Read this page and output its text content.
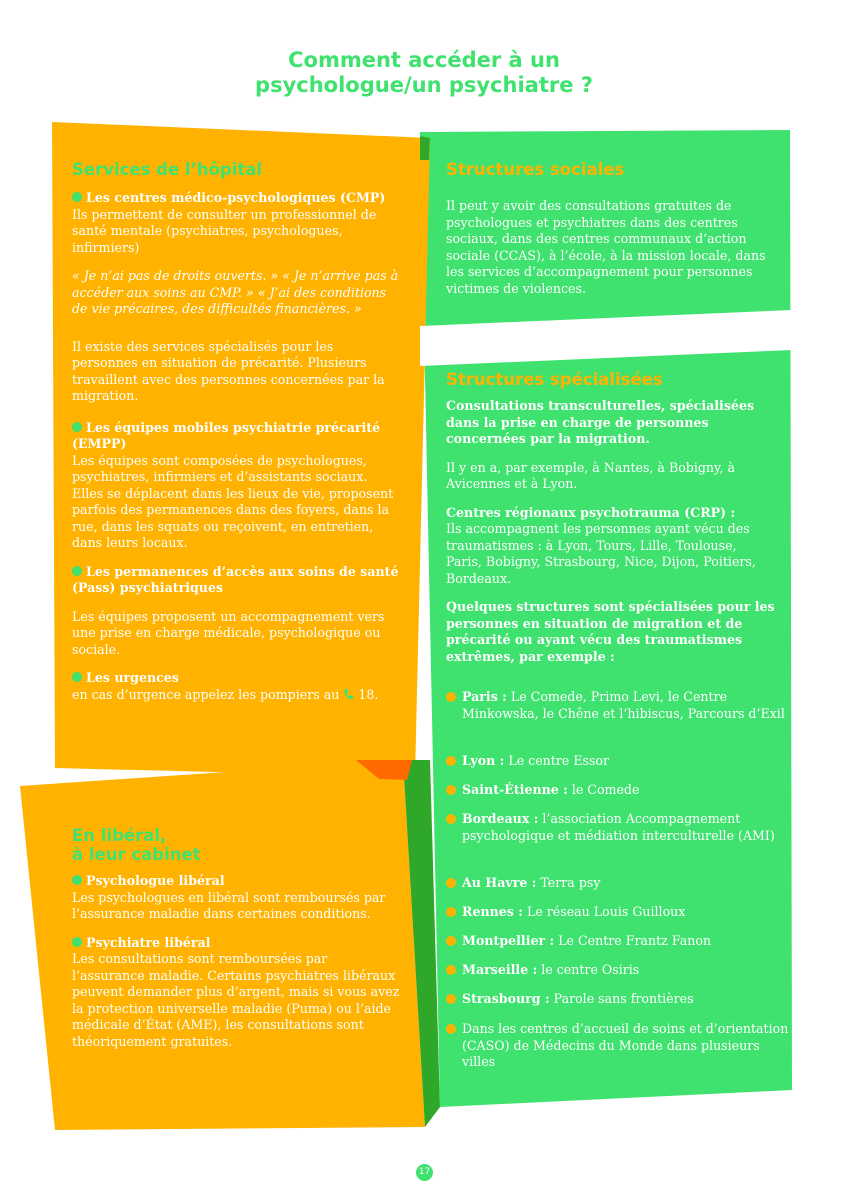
Comment accéder à un
psychologue/un psychiatre ?

Services de l’hôpital

Les centres médico-psychologiques (CMP)

Ils permettent de consulter un professionnel de santé mentale (psychiatres, psychologues, infirmiers)

« Je n’ai pas de droits ouverts. » « Je n’arrive pas à accéder aux soins au CMP. » « J’ai des conditions de vie précaires, des difficultés financières. »

Il existe des services spécialisés pour les personnes en situation de précarité. Plusieurs travaillent avec des personnes concernées par la migration.

Les équipes mobiles psychiatrie précarité (EMPP)

Les équipes sont composées de psychologues, psychiatres, infirmiers et d’assistants sociaux. Elles se déplacent dans les lieux de vie, proposent parfois des permanences dans des foyers, dans la rue, dans les squats ou reçoivent, en entretien, dans leurs locaux.

Les permanences d’accès aux soins de santé (Pass) psychiatriques

Les équipes proposent un accompagnement vers une prise en charge médicale, psychologique ou sociale.

Les urgences

en cas d’urgence appelez les pompiers au 18.

En libéral,

à leur cabinet

Psychologue libéral

Les psychologues en libéral sont remboursés par l’assurance maladie dans certaines conditions.

Psychiatre libéral

Les consultations sont remboursées par l’assurance maladie. Certains psychiatres libéraux peuvent demander plus d’argent, mais si vous avez la protection universelle maladie (Puma) ou l’aide médicale d’État (AME), les consultations sont théoriquement gratuites.

Structures sociales

Il peut y avoir des consultations gratuites de psychologues et psychiatres dans des centres sociaux, dans des centres communaux d’action sociale (CCAS), à l’école, à la mission locale, dans les services d’accompagnement pour personnes victimes de violences.

Structures spécialisées

Consultations transculturelles, spécialisées dans la prise en charge de personnes concernées par la migration.

Il y en a, par exemple, à Nantes, à Bobigny, à Avicennes et à Lyon.

Centres régionaux psychotrauma (CRP) :

Ils accompagnent les personnes ayant vécu des traumatismes : à Lyon, Tours, Lille, Toulouse, Paris, Bobigny, Strasbourg, Nice, Dijon, Poitiers, Bordeaux.

Quelques structures sont spécialisées pour les personnes en situation de migration et de précarité ou ayant vécu des traumatismes extrêmes, par exemple :

Paris : Le Comede, Primo Levi, le Centre Minkowska, le Chêne et l’hibiscus, Parcours d’Exil
Lyon : Le centre Essor
Saint-Étienne : le Comede
Bordeaux : l’association Accompagnement psychologique et médiation interculturelle (AMI)
Au Havre : Terra psy
Rennes : Le réseau Louis Guilloux
Montpellier : Le Centre Frantz Fanon
Marseille : le centre Osiris
Strasbourg : Parole sans frontières
Dans les centres d’accueil de soins et d’orientation (CASO) de Médecins du Monde dans plusieurs villes
17
